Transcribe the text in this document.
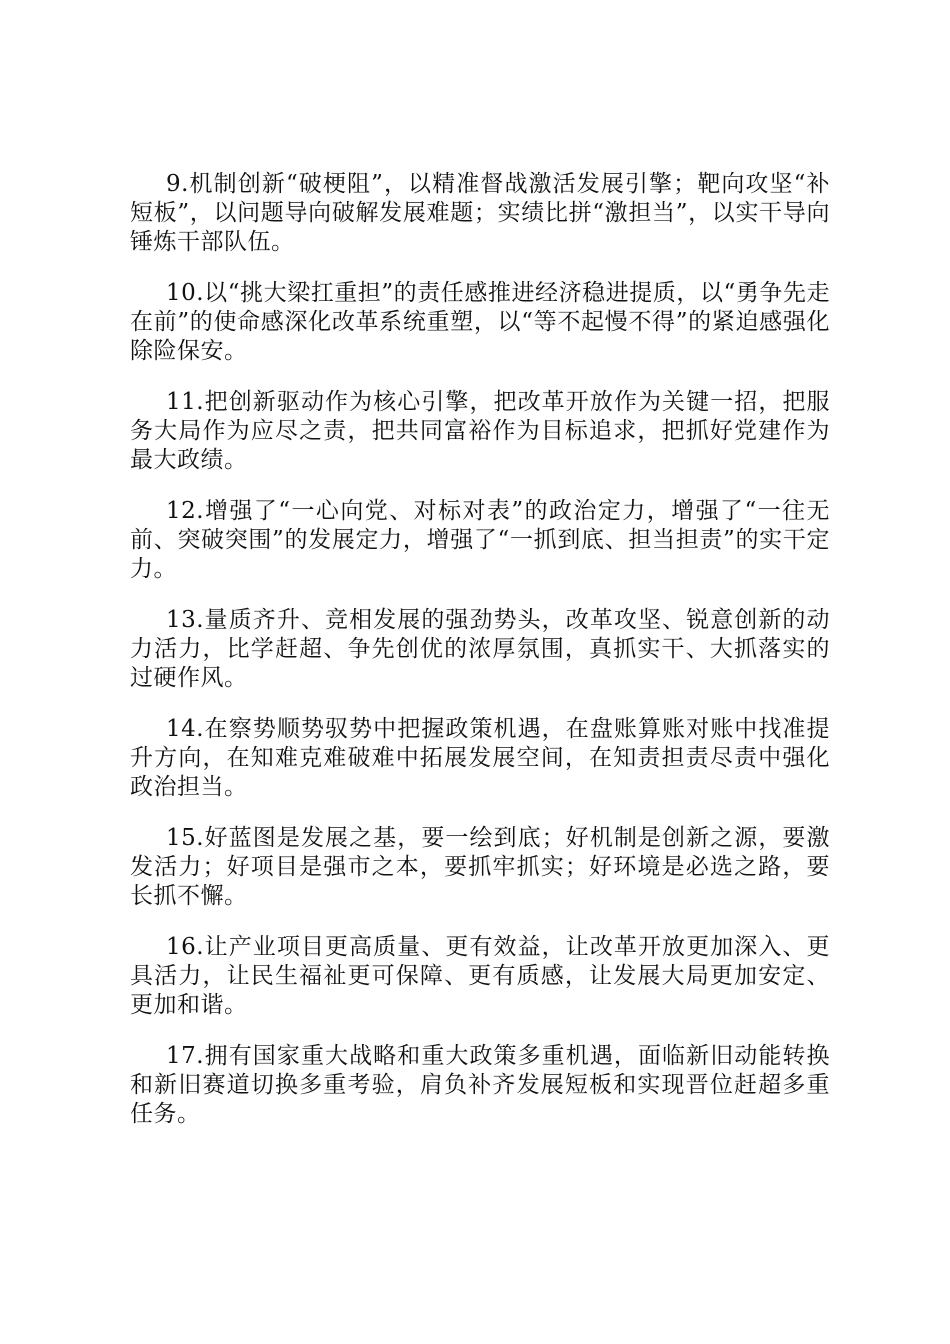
9.机制创新“破梗阻”，以精准督战激活发展引擎；靶向攻坚“补短板”，以问题导向破解发展难题；实绩比拼“激担当”，以实干导向锤炼干部队伍。

10.以“挑大梁扛重担”的责任感推进经济稳进提质，以“勇争先走在前”的使命感深化改革系统重塑，以“等不起慢不得”的紧迫感强化除险保安。

11.把创新驱动作为核心引擎，把改革开放作为关键一招，把服务大局作为应尽之责，把共同富裕作为目标追求，把抓好党建作为最大政绩。

12.增强了“一心向党、对标对表”的政治定力，增强了“一往无前、突破突围”的发展定力，增强了“一抓到底、担当担责”的实干定力。

13.量质齐升、竞相发展的强劲势头，改革攻坚、锐意创新的动力活力，比学赶超、争先创优的浓厚氛围，真抓实干、大抓落实的过硬作风。

14.在察势顺势驭势中把握政策机遇，在盘账算账对账中找准提升方向，在知难克难破难中拓展发展空间，在知责担责尽责中强化政治担当。

15.好蓝图是发展之基，要一绘到底；好机制是创新之源，要激发活力；好项目是强市之本，要抓牢抓实；好环境是必选之路，要长抓不懈。

16.让产业项目更高质量、更有效益，让改革开放更加深入、更具活力，让民生福祉更可保障、更有质感，让发展大局更加安定、更加和谐。

17.拥有国家重大战略和重大政策多重机遇，面临新旧动能转换和新旧赛道切换多重考验，肩负补齐发展短板和实现晋位赶超多重任务。
